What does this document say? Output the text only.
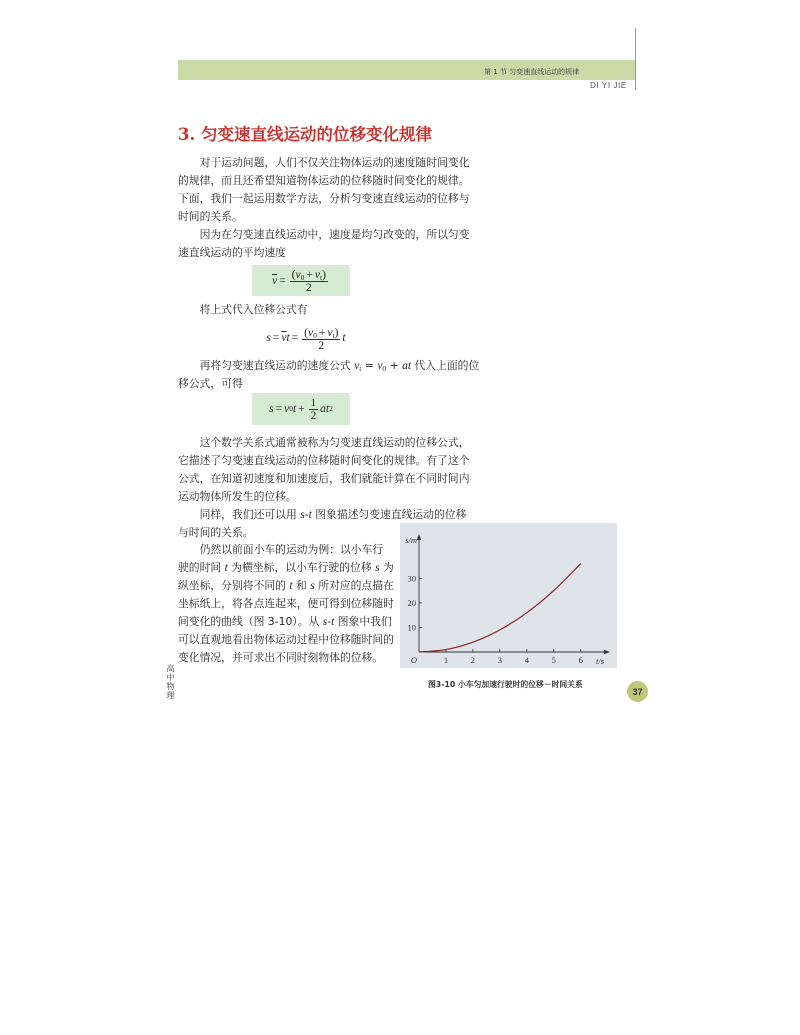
第 1 节 匀变速直线运动的规律
DI YI JIE
3. 匀变速直线运动的位移变化规律
对于运动问题，人们不仅关注物体运动的速度随时间变化
的规律，而且还希望知道物体运动的位移随时间变化的规律。
下面，我们一起运用数学方法，分析匀变速直线运动的位移与
时间的关系。
因为在匀变速直线运动中，速度是均匀改变的，所以匀变
速直线运动的平均速度
$\overline{v} = \frac{(v_0 + v_t)}{2}$
将上式代入位移公式有
$s = \overline{v}$ $t = \frac{(v_0 + v_t)}{2}$ t
再将匀变速直线运动的速度公式 $v_t = v_0$ + at 代入上面的位
移公式，可得
s = v 0 $t + \frac{1}{2}$ a t 2
这个数学关系式通常被称为匀变速直线运动的位移公式，
它描述了匀变速直线运动的位移随时间变化的规律。有了这个
公式，在知道初速度和加速度后，我们就能计算在不同时间内
运动物体所发生的位移。
同样，我们还可以用 s-t 图象描述匀变速直线运动的位移
与时间的关系。
仍然以前面小车的运动为例：以小车行
驶的时间 t 为横坐标，以小车行驶的位移 s 为
纵坐标，分别将不同的 t 和 s 所对应的点描在
坐标纸上，将各点连起来，便可得到位移随时
间变化的曲线（图 3-10）。从 s-t 图象中我们
可以直观地看出物体运动过程中位移随时间的
变化情况，并可求出不同时刻物体的位移。	1	2	3	4	5	6
10
20
30
O	t/s
s/m
图3-10 小车匀加速行驶时的位移－时间关系
37
高中物理
